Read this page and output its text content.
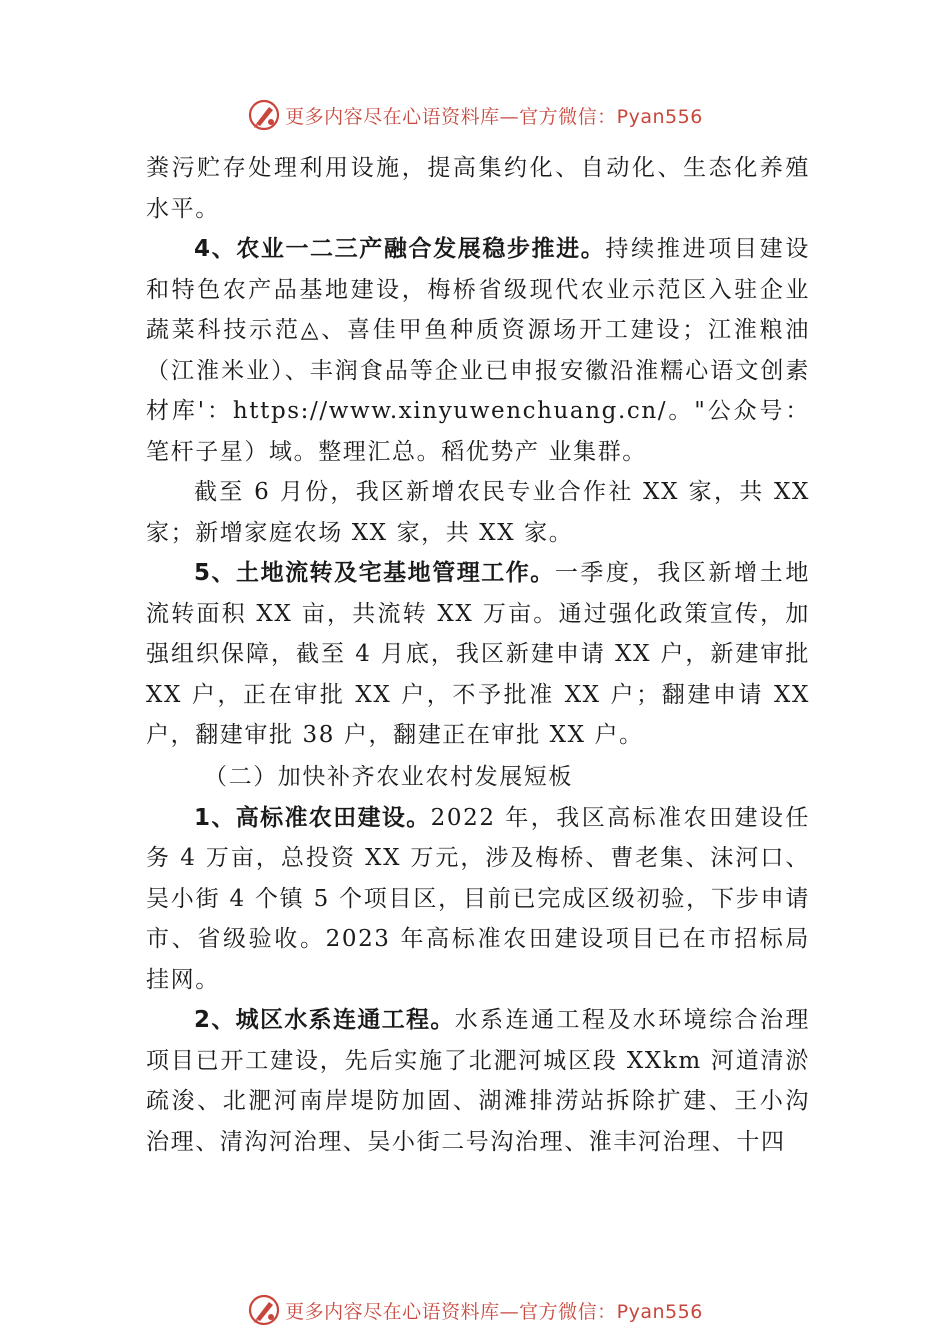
更多内容尽在心语资料库—官方微信：Pyan556

粪污贮存处理利用设施，提高集约化、自动化、生态化养殖水平。

4、农业一二三产融合发展稳步推进。持续推进项目建设 和特色农产品基地建设，梅桥省级现代农业示范区入驻企业蔬菜科技示范◬、喜佳甲鱼种质资源场开工建设；江淮粮油（江淮米业）、丰润食品等企业已申报安徽沿淮糯心语文创素材库'：https://www.xinyuwenchuang.cn/。"公众号：笔杆子星）域。整理汇总。稻优势产 业集群。

截至 6 月份，我区新增农民专业合作社 XX 家，共 XX 家；新增家庭农场 XX 家，共 XX 家。

5、土地流转及宅基地管理工作。一季度，我区新增土地 流转面积 XX 亩，共流转 XX 万亩。通过强化政策宣传，加强组织保障，截至 4 月底，我区新建申请 XX 户，新建审批 XX 户，正在审批 XX 户，不予批准 XX 户；翻建申请 XX 户，翻建审批 38 户，翻建正在审批 XX 户。

（二）加快补齐农业农村发展短板

1、高标准农田建设。2022 年，我区高标准农田建设任务 4 万亩，总投资 XX 万元，涉及梅桥、曹老集、沫河口、吴小街 4 个镇 5 个项目区，目前已完成区级初验，下步申请市、省级验收。2023 年高标准农田建设项目已在市招标局挂网。

2、城区水系连通工程。水系连通工程及水环境综合治理项目已开工建设，先后实施了北淝河城区段 XXkm 河道清淤疏浚、北淝河南岸堤防加固、湖滩排涝站拆除扩建、王小沟治理、清沟河治理、吴小街二号沟治理、淮丰河治理、十四

更多内容尽在心语资料库—官方微信：Pyan556
